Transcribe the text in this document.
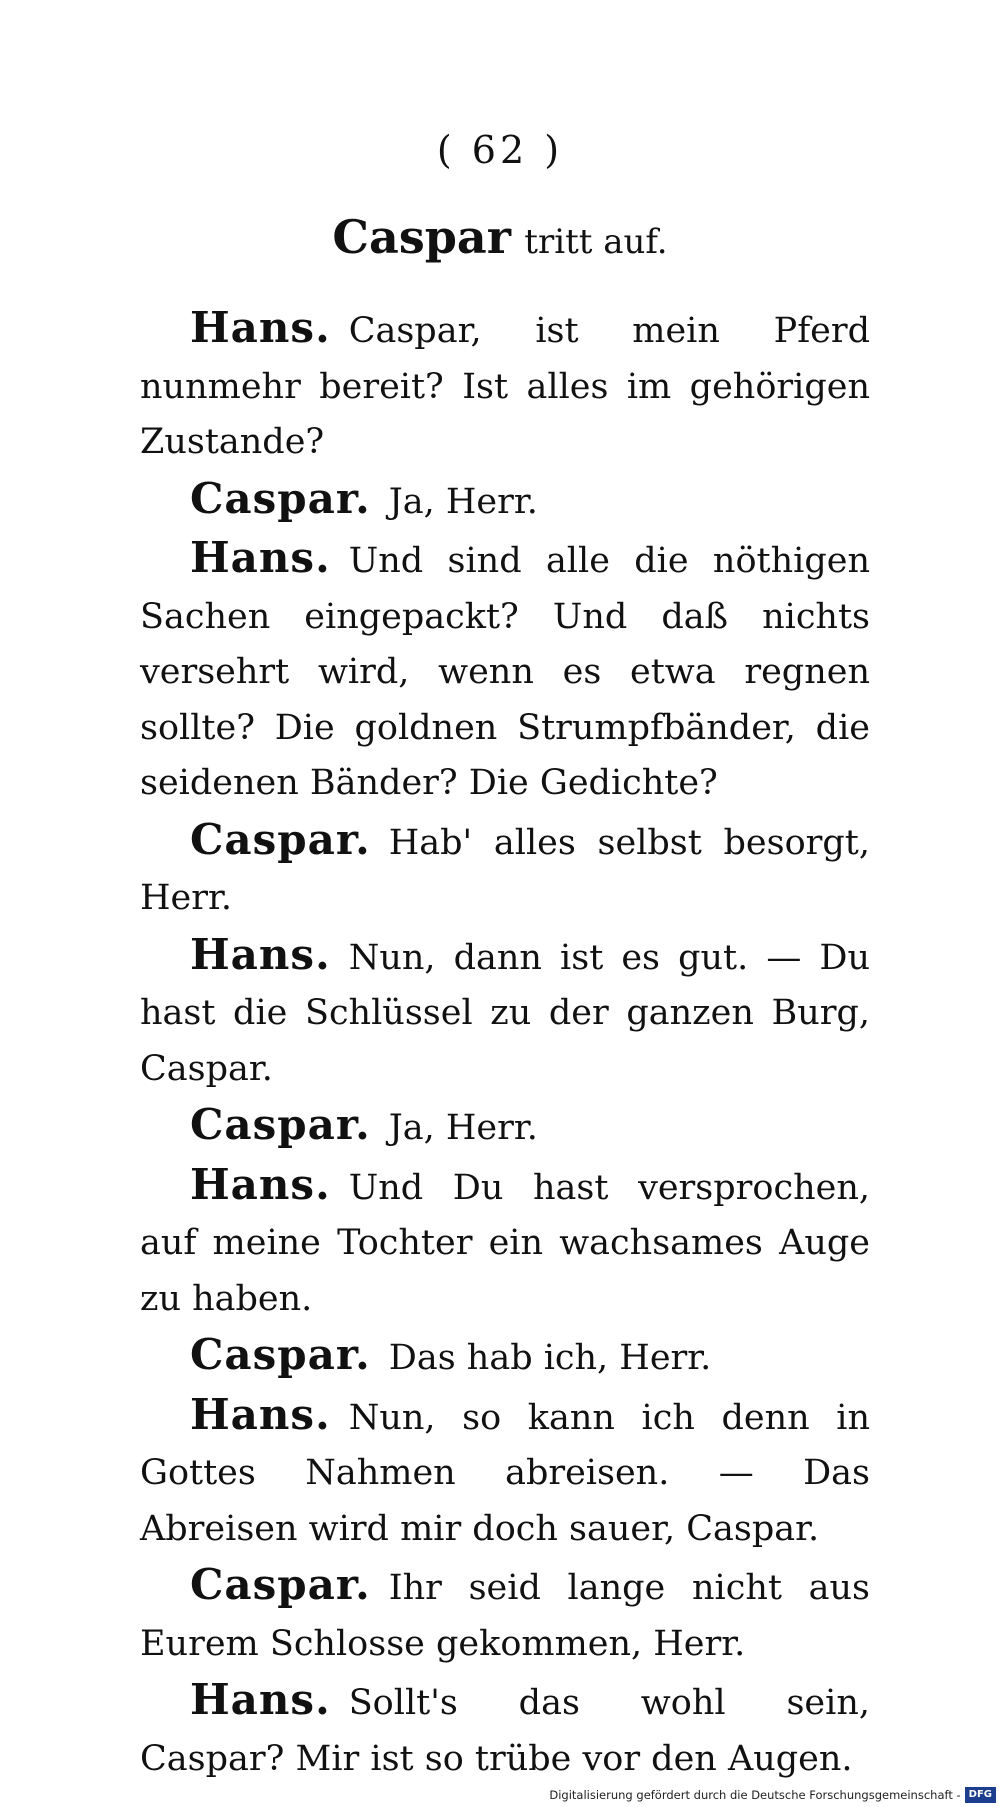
( 62 )
Caspar tritt auf.

Hans. Caspar, ist mein Pferd nunmehr bereit? Ist alles im gehörigen Zustande?

Caspar. Ja, Herr.

Hans. Und sind alle die nöthigen Sachen eingepackt? Und daß nichts versehrt wird, wenn es etwa regnen sollte? Die goldnen Strumpfbänder, die seidenen Bänder? Die Gedichte?

Caspar. Hab' alles selbst besorgt, Herr.

Hans. Nun, dann ist es gut. — Du hast die Schlüssel zu der ganzen Burg, Caspar.

Caspar. Ja, Herr.

Hans. Und Du hast versprochen, auf meine Tochter ein wachsames Auge zu haben.

Caspar. Das hab ich, Herr.

Hans. Nun, so kann ich denn in Gottes Nahmen abreisen. — Das Abreisen wird mir doch sauer, Caspar.

Caspar. Ihr seid lange nicht aus Eurem Schlosse gekommen, Herr.

Hans. Sollt's das wohl sein, Caspar? Mir ist so trübe vor den Augen.

Digitalisierung gefördert durch die Deutsche Forschungsgemeinschaft - DFG
